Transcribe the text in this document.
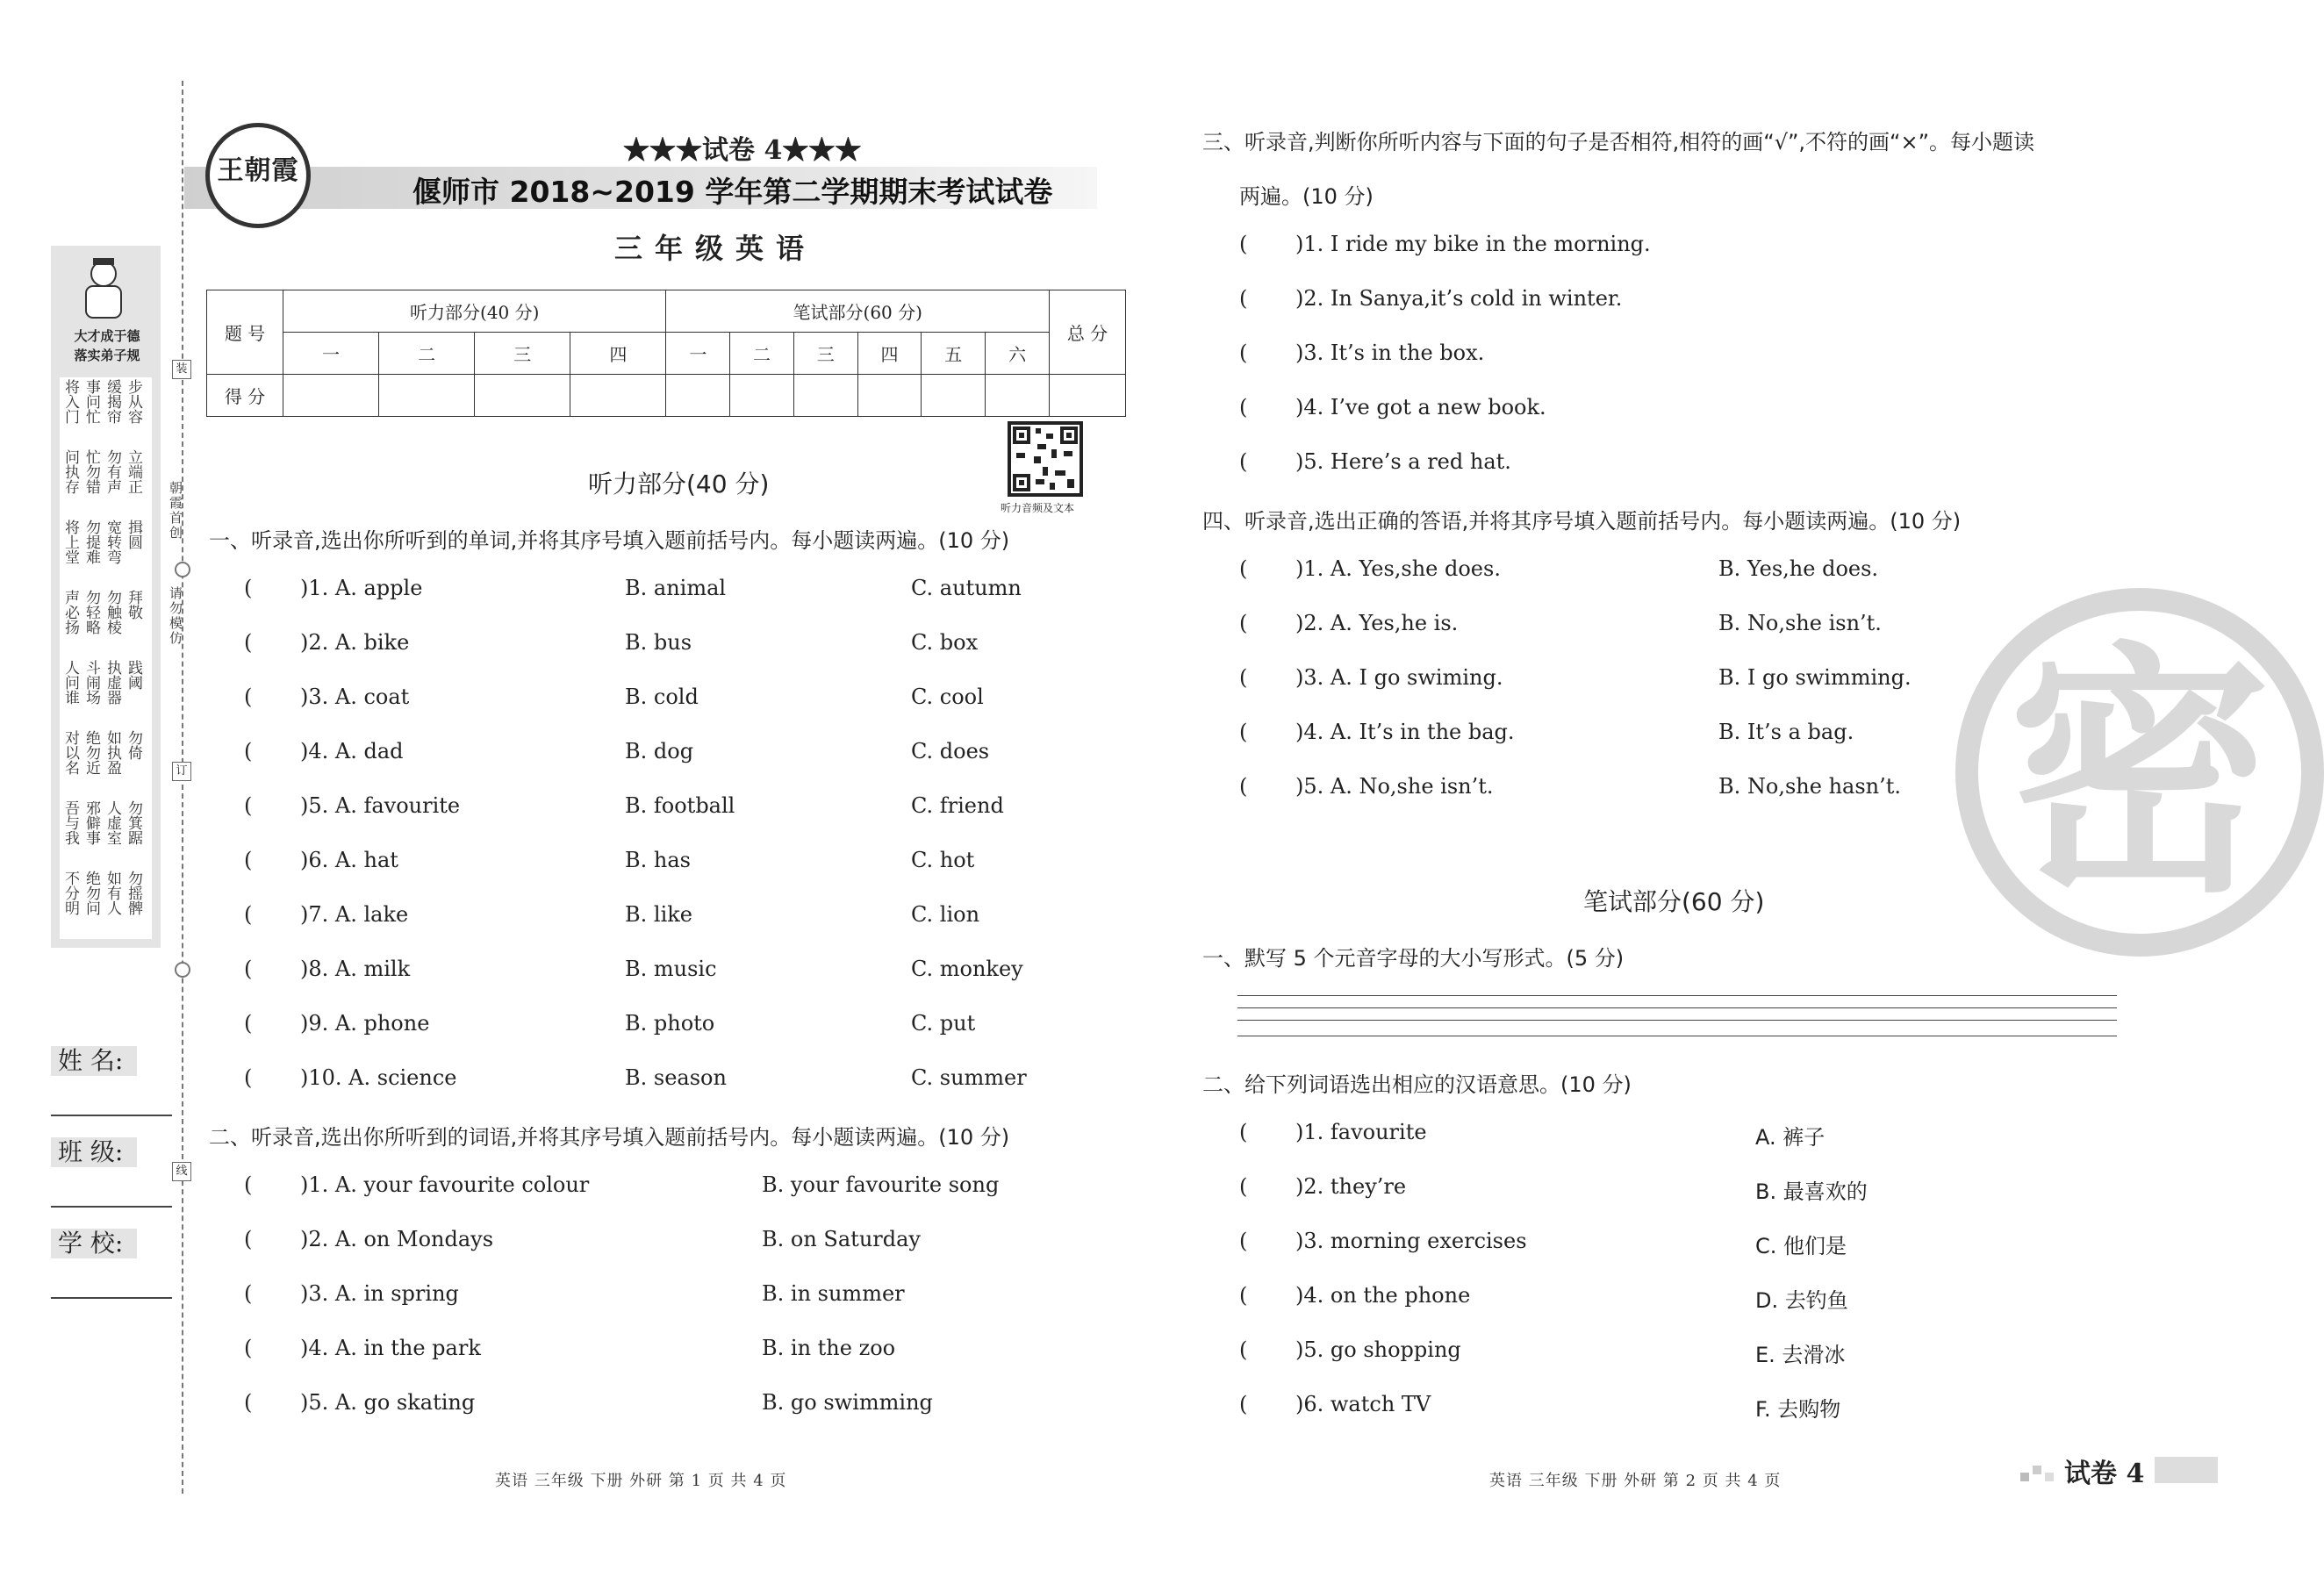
大才成于德
落实弟子规
将入门 事问忙 缓揭帘 步从容
问执存 忙勿错 勿有声 立端正
将上堂 勿提难 宽转弯 揖圆
声必扬 勿轻略 勿触棱 拜敬
人问谁 斗闹场 执虚器 践阈
对以名 绝勿近 如执盈 勿倚
吾与我 邪僻事 人虚室 勿箕踞
不分明 绝勿问 如有人 勿摇髀
装
订
线
朝霞首创
请勿模仿
姓 名:
班 级:
学 校:
王朝霞
★★★试卷 4★★★
偃师市 2018~2019 学年第二学期期末考试试卷
三年级英语
题 号	听力部分(40 分)				笔试部分(60 分)						总 分
	一	二	三	四	一	二	三	四	五	六	
得 分											
听力音频及文本
听力部分(40 分)
一、听录音,选出你所听到的单词,并将其序号填入题前括号内。每小题读两遍。(10 分)
二、听录音,选出你所听到的词语,并将其序号填入题前括号内。每小题读两遍。(10 分)
英语 三年级 下册 外研 第 1 页 共 4 页
三、听录音,判断你所听内容与下面的句子是否相符,相符的画“√”,不符的画“×”。每小题读
两遍。(10 分)
四、听录音,选出正确的答语,并将其序号填入题前括号内。每小题读两遍。(10 分)
密
笔试部分(60 分)
一、默写 5 个元音字母的大小写形式。(5 分)
二、给下列词语选出相应的汉语意思。(10 分)
英语 三年级 下册 外研 第 2 页 共 4 页	试卷 4
( )1. A. apple	B. animal	C. autumn
( )2. A. bike	B. bus	C. box
( )3. A. coat	B. cold	C. cool
( )4. A. dad	B. dog	C. does
( )5. A. favourite	B. football	C. friend
( )6. A. hat	B. has	C. hot
( )7. A. lake	B. like	C. lion
( )8. A. milk	B. music	C. monkey
( )9. A. phone	B. photo	C. put
( )10. A. science	B. season	C. summer
( )1. A. your favourite colour	B. your favourite song
( )2. A. on Mondays	B. on Saturday
( )3. A. in spring	B. in summer
( )4. A. in the park	B. in the zoo
( )5. A. go skating	B. go swimming
( )1. I ride my bike in the morning.
( )2. In Sanya,it’s cold in winter.
( )3. It’s in the box.
( )4. I’ve got a new book.
( )5. Here’s a red hat.
( )1. A. Yes,she does.	B. Yes,he does.
( )2. A. Yes,he is.	B. No,she isn’t.
( )3. A. I go swiming.	B. I go swimming.
( )4. A. It’s in the bag.	B. It’s a bag.
( )5. A. No,she isn’t.	B. No,she hasn’t.
( )1. favourite	A. 裤子
( )2. they’re	B. 最喜欢的
( )3. morning exercises	C. 他们是
( )4. on the phone	D. 去钓鱼
( )5. go shopping	E. 去滑冰
( )6. watch TV	F. 去购物
